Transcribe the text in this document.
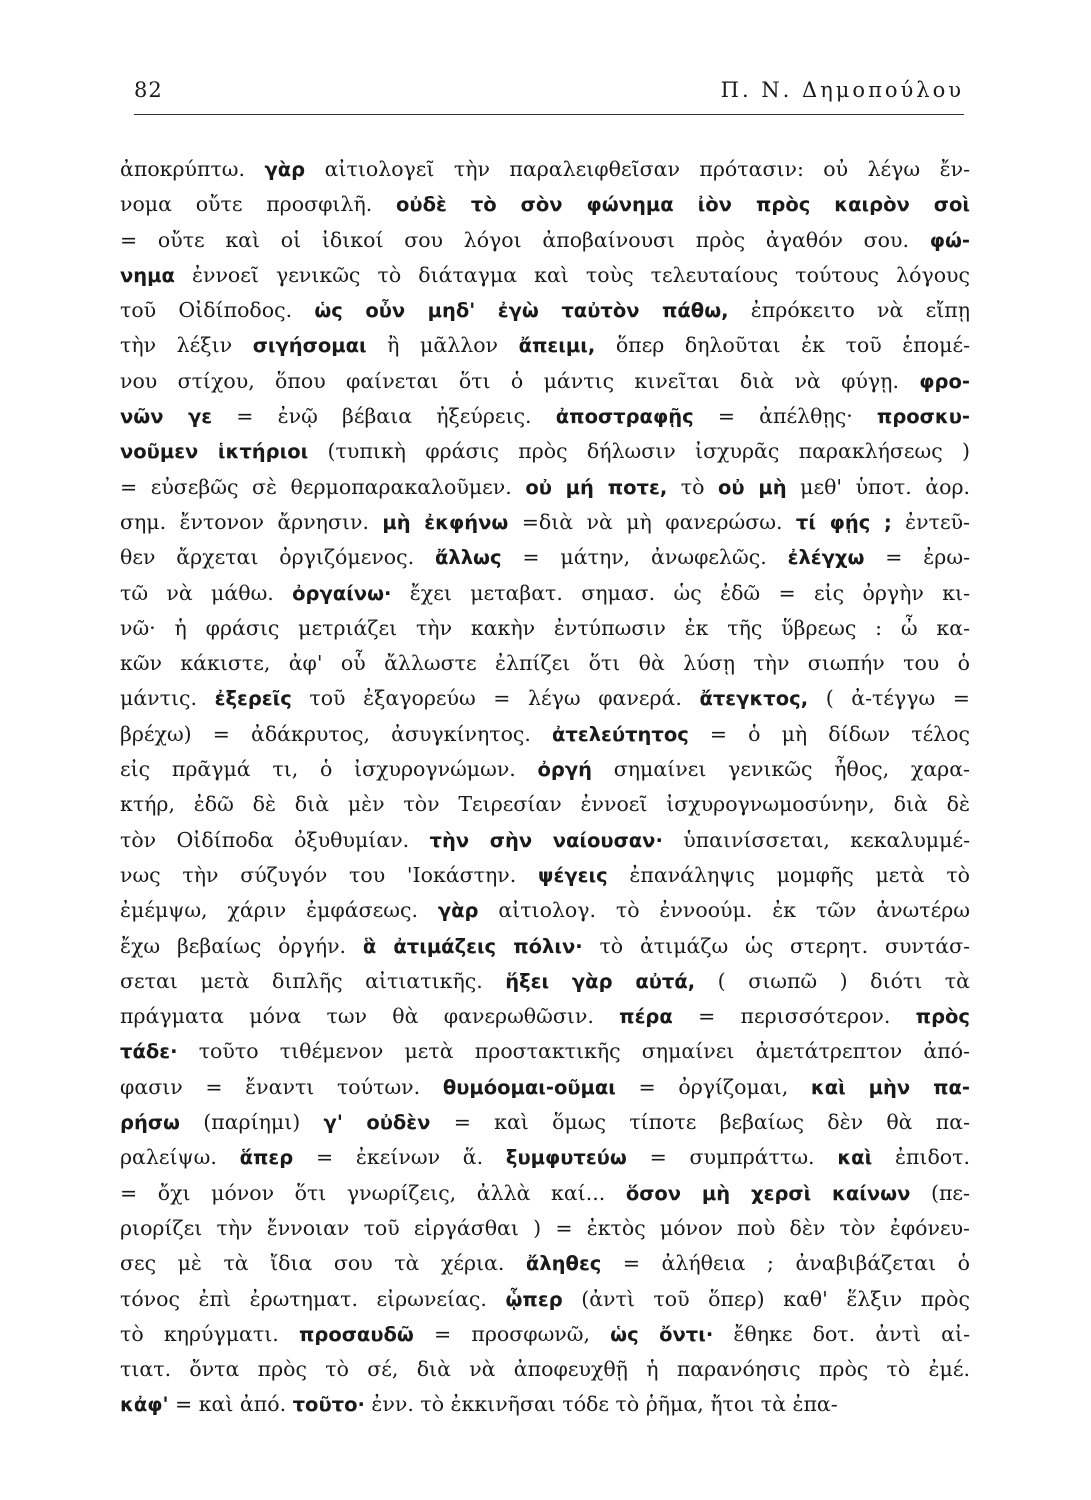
82	Π. Ν. Δημοπούλου
ἀποκρύπτω. γὰρ αἰτιολογεῖ τὴν παραλειφθεῖσαν πρότασιν: οὐ λέγω ἔν-
νομα οὔτε προσφιλῆ. οὐδὲ τὸ σὸν φώνημα ἰὸν πρὸς καιρὸν σοὶ
= οὔτε καὶ οἱ ἰδικοί σου λόγοι ἀποβαίνουσι πρὸς ἀγαθόν σου. φώ-
νημα ἐννοεῖ γενικῶς τὸ διάταγμα καὶ τοὺς τελευταίους τούτους λόγους
τοῦ Οἰδίποδος. ὡς οὖν μηδ' ἐγὼ ταὐτὸν πάθω, ἐπρόκειτο νὰ εἴπῃ
τὴν λέξιν σιγήσομαι ἢ μᾶλλον ἄπειμι, ὅπερ δηλοῦται ἐκ τοῦ ἑπομέ-
νου στίχου, ὅπου φαίνεται ὅτι ὁ μάντις κινεῖται διὰ νὰ φύγῃ. φρο-
νῶν γε = ἐνῷ βέβαια ἠξεύρεις. ἀποστραφῇς = ἀπέλθῃς· προσκυ-
νοῦμεν ἱκτήριοι (τυπικὴ φράσις πρὸς δήλωσιν ἰσχυρᾶς παρακλήσεως )
= εὐσεβῶς σὲ θερμοπαρακαλοῦμεν. οὐ μή ποτε, τὸ οὐ μὴ μεθ' ὑποτ. ἀορ.
σημ. ἔντονον ἄρνησιν. μὴ ἐκφήνω =διὰ νὰ μὴ φανερώσω. τί φῄς ; ἐντεῦ-
θεν ἄρχεται ὀργιζόμενος. ἄλλως = μάτην, ἀνωφελῶς. ἐλέγχω = ἐρω-
τῶ νὰ μάθω. ὀργαίνω· ἔχει μεταβατ. σημασ. ὡς ἐδῶ = εἰς ὀργὴν κι-
νῶ· ἡ φράσις μετριάζει τὴν κακὴν ἐντύπωσιν ἐκ τῆς ὕβρεως : ὦ κα-
κῶν κάκιστε, ἀφ' οὗ ἄλλωστε ἐλπίζει ὅτι θὰ λύσῃ τὴν σιωπήν του ὁ
μάντις. ἐξερεῖς τοῦ ἐξαγορεύω = λέγω φανερά. ἄτεγκτος, ( ἀ-τέγγω =
βρέχω) = ἀδάκρυτος, ἀσυγκίνητος. ἀτελεύτητος = ὁ μὴ δίδων τέλος
εἰς πρᾶγμά τι, ὁ ἰσχυρογνώμων. ὀργή σημαίνει γενικῶς ἦθος, χαρα-
κτήρ, ἐδῶ δὲ διὰ μὲν τὸν Τειρεσίαν ἐννοεῖ ἰσχυρογνωμοσύνην, διὰ δὲ
τὸν Οἰδίποδα ὀξυθυμίαν. τὴν σὴν ναίουσαν· ὑπαινίσσεται, κεκαλυμμέ-
νως τὴν σύζυγόν του 'Ιοκάστην. ψέγεις ἐπανάληψις μομφῆς μετὰ τὸ
ἐμέμψω, χάριν ἐμφάσεως. γὰρ αἰτιολογ. τὸ ἐννοούμ. ἐκ τῶν ἀνωτέρω
ἔχω βεβαίως ὀργήν. ἃ ἀτιμάζεις πόλιν· τὸ ἀτιμάζω ὡς στερητ. συντάσ-
σεται μετὰ διπλῆς αἰτιατικῆς. ἥξει γὰρ αὐτά, ( σιωπῶ ) διότι τὰ
πράγματα μόνα των θὰ φανερωθῶσιν. πέρα = περισσότερον. πρὸς
τάδε· τοῦτο τιθέμενον μετὰ προστακτικῆς σημαίνει ἀμετάτρεπτον ἀπό-
φασιν = ἔναντι τούτων. θυμόομαι-οῦμαι = ὀργίζομαι, καὶ μὴν πα-
ρήσω (παρίημι) γ' οὐδὲν = καὶ ὅμως τίποτε βεβαίως δὲν θὰ πα-
ραλείψω. ἅπερ = ἐκείνων ἅ. ξυμφυτεύω = συμπράττω. καὶ ἐπιδοτ.
= ὄχι μόνον ὅτι γνωρίζεις, ἀλλὰ καί... ὅσον μὴ χερσὶ καίνων (πε-
ριορίζει τὴν ἔννοιαν τοῦ εἰργάσθαι ) = ἐκτὸς μόνον ποὺ δὲν τὸν ἐφόνευ-
σες μὲ τὰ ἴδια σου τὰ χέρια. ἄληθες = ἀλήθεια ; ἀναβιβάζεται ὁ
τόνος ἐπὶ ἐρωτηματ. εἰρωνείας. ᾧπερ (ἀντὶ τοῦ ὅπερ) καθ' ἕλξιν πρὸς
τὸ κηρύγματι. προσαυδῶ = προσφωνῶ, ὡς ὄντι· ἔθηκε δοτ. ἀντὶ αἰ-
τιατ. ὄντα πρὸς τὸ σέ, διὰ νὰ ἀποφευχθῇ ἡ παρανόησις πρὸς τὸ ἐμέ.
κἀφ' = καὶ ἀπό. τοῦτο· ἐνν. τὸ ἐκκινῆσαι τόδε τὸ ῥῆμα, ἤτοι τὰ ἐπα-
